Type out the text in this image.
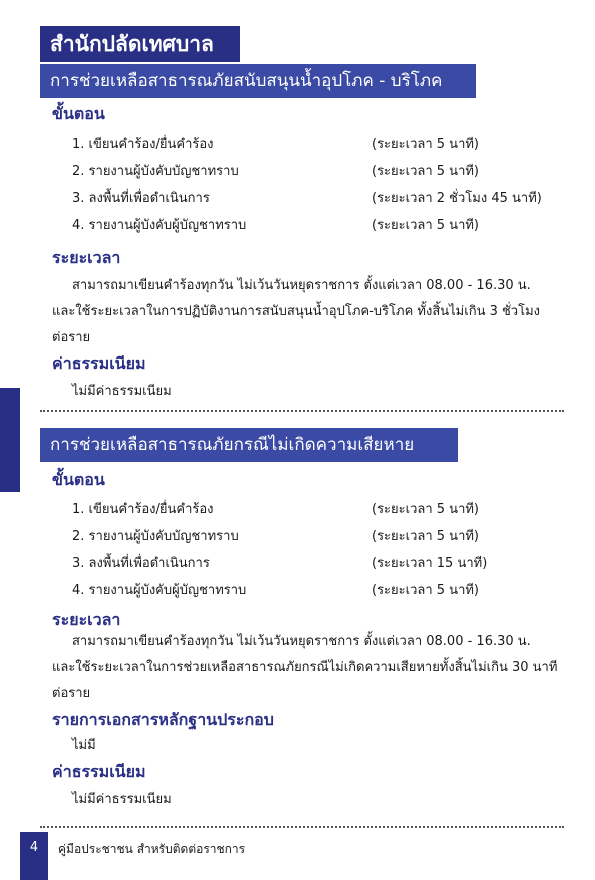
สำนักปลัดเทศบาล
การช่วยเหลือสาธารณภัยสนับสนุนน้ำอุปโภค - บริโภค
ขั้นตอน
1. เขียนคำร้อง/ยื่นคำร้อง	(ระยะเวลา 5 นาที)
2. รายงานผู้บังคับบัญชาทราบ	(ระยะเวลา 5 นาที)
3. ลงพื้นที่เพื่อดำเนินการ	(ระยะเวลา 2 ชั่วโมง 45 นาที)
4. รายงานผู้บังคับผู้บัญชาทราบ	(ระยะเวลา 5 นาที)
ระยะเวลา
สามารถมาเขียนคำร้องทุกวัน ไม่เว้นวันหยุดราชการ ตั้งแต่เวลา 08.00 - 16.30 น.
และใช้ระยะเวลาในการปฏิบัติงานการสนับสนุนน้ำอุปโภค-บริโภค ทั้งสิ้นไม่เกิน 3 ชั่วโมง
ต่อราย
ค่าธรรมเนียม
ไม่มีค่าธรรมเนียม
การช่วยเหลือสาธารณภัยกรณีไม่เกิดความเสียหาย
ขั้นตอน
1. เขียนคำร้อง/ยื่นคำร้อง	(ระยะเวลา 5 นาที)
2. รายงานผู้บังคับบัญชาทราบ	(ระยะเวลา 5 นาที)
3. ลงพื้นที่เพื่อดำเนินการ	(ระยะเวลา 15 นาที)
4. รายงานผู้บังคับผู้บัญชาทราบ	(ระยะเวลา 5 นาที)
ระยะเวลา
สามารถมาเขียนคำร้องทุกวัน ไม่เว้นวันหยุดราชการ ตั้งแต่เวลา 08.00 - 16.30 น.
และใช้ระยะเวลาในการช่วยเหลือสาธารณภัยกรณีไม่เกิดความเสียหายทั้งสิ้นไม่เกิน 30 นาที
ต่อราย
รายการเอกสารหลักฐานประกอบ
ไม่มี
ค่าธรรมเนียม
ไม่มีค่าธรรมเนียม
4	คู่มือประชาชน สำหรับติดต่อราชการ
